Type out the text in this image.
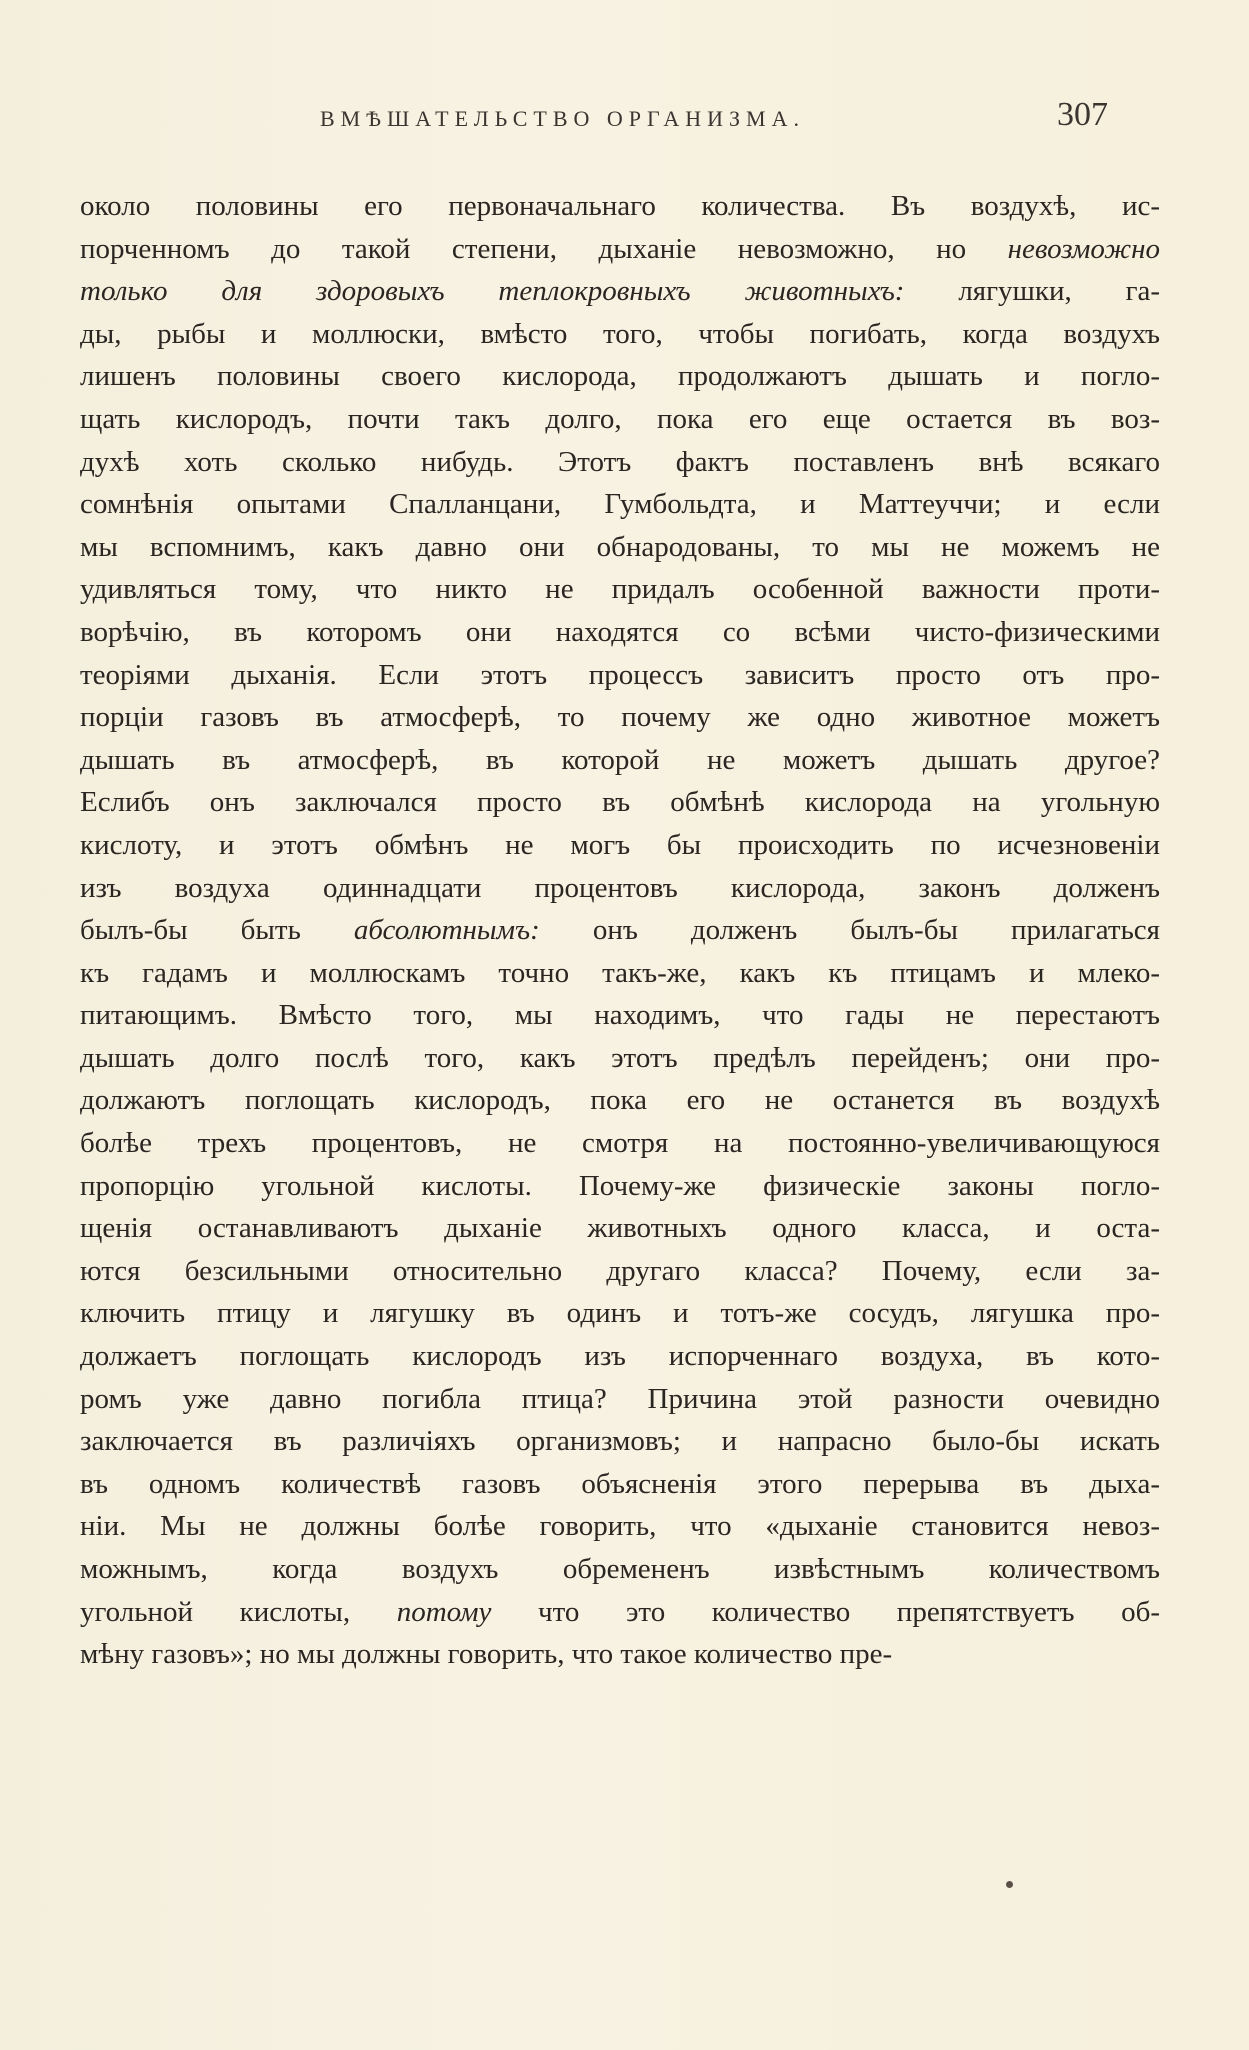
ВМѢШАТЕЛЬСТВО ОРГАНИЗМА.	307
около половины его первоначальнаго количества. Въ воздухѣ, ис-
порченномъ до такой степени, дыханіе невозможно, но невозможно
только для здоровыхъ теплокровныхъ животныхъ: лягушки, га-
ды, рыбы и моллюски, вмѣсто того, чтобы погибать, когда воздухъ
лишенъ половины своего кислорода, продолжаютъ дышать и погло-
щать кислородъ, почти такъ долго, пока его еще остается въ воз-
духѣ хоть сколько нибудь. Этотъ фактъ поставленъ внѣ всякаго
сомнѣнія опытами Спалланцани, Гумбольдта, и Маттеуччи; и если
мы вспомнимъ, какъ давно они обнародованы, то мы не можемъ не
удивляться тому, что никто не придалъ особенной важности проти-
ворѣчію, въ которомъ они находятся со всѣми чисто-физическими
теоріями дыханія. Если этотъ процессъ зависитъ просто отъ про-
порціи газовъ въ атмосферѣ, то почему же одно животное можетъ
дышать въ атмосферѣ, въ которой не можетъ дышать другое?
Еслибъ онъ заключался просто въ обмѣнѣ кислорода на угольную
кислоту, и этотъ обмѣнъ не могъ бы происходить по исчезновеніи
изъ воздуха одиннадцати процентовъ кислорода, законъ долженъ
былъ-бы быть абсолютнымъ: онъ долженъ былъ-бы прилагаться
къ гадамъ и моллюскамъ точно такъ-же, какъ къ птицамъ и млеко-
питающимъ. Вмѣсто того, мы находимъ, что гады не перестаютъ
дышать долго послѣ того, какъ этотъ предѣлъ перейденъ; они про-
должаютъ поглощать кислородъ, пока его не останется въ воздухѣ
болѣе трехъ процентовъ, не смотря на постоянно-увеличивающуюся
пропорцію угольной кислоты. Почему-же физическіе законы погло-
щенія останавливаютъ дыханіе животныхъ одного класса, и оста-
ются безсильными относительно другаго класса? Почему, если за-
ключить птицу и лягушку въ одинъ и тотъ-же сосудъ, лягушка про-
должаетъ поглощать кислородъ изъ испорченнаго воздуха, въ кото-
ромъ уже давно погибла птица? Причина этой разности очевидно
заключается въ различіяхъ организмовъ; и напрасно было-бы искать
въ одномъ количествѣ газовъ объясненія этого перерыва въ дыха-
ніи. Мы не должны болѣе говорить, что «дыханіе становится невоз-
можнымъ, когда воздухъ обремененъ извѣстнымъ количествомъ
угольной кислоты, потому что это количество препятствуетъ об-
мѣну газовъ»; но мы должны говорить, что такое количество пре-
